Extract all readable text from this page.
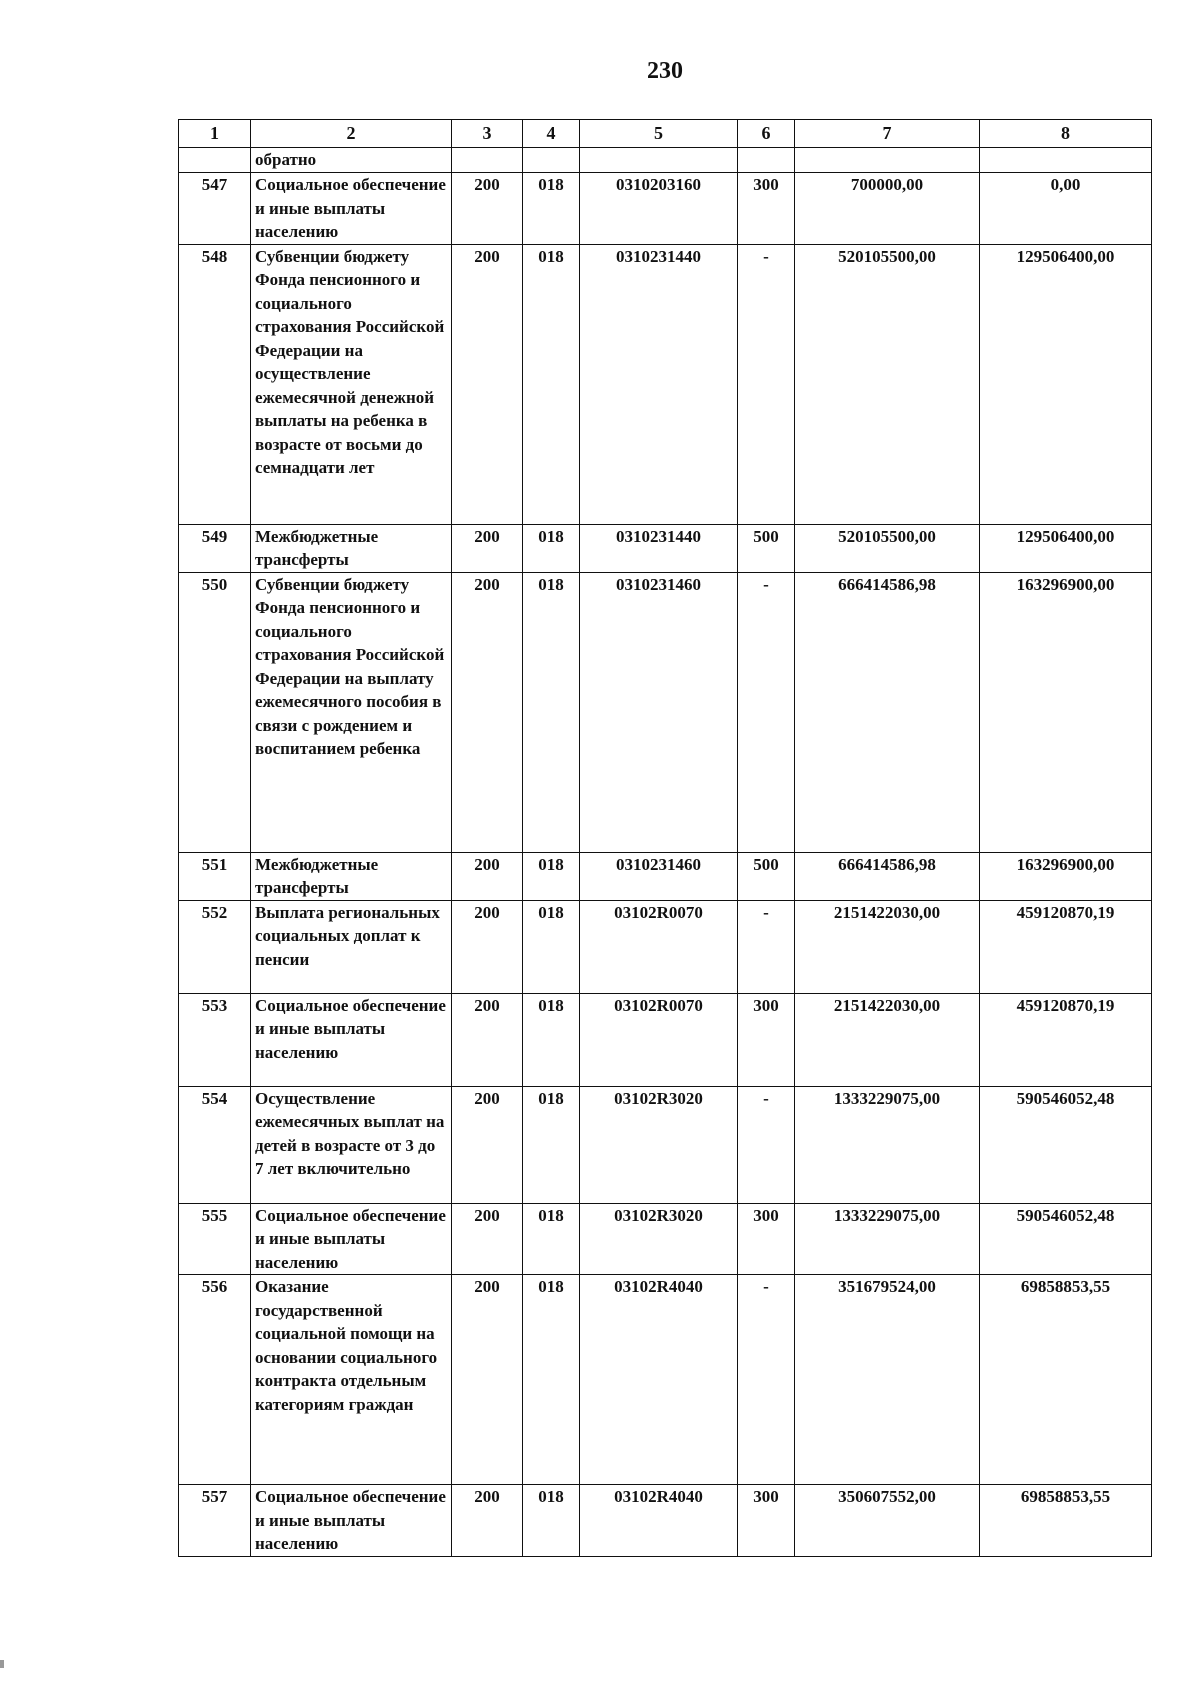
230
1	2	3	4	5	6	7	8
	обратно						
547	Социальное обеспечение и иные выплаты населению	200	018	0310203160	300	700000,00	0,00
548	Субвенции бюджету Фонда пенсионного и социального страхования Российской Федерации на осуществление ежемесячной денежной выплаты на ребенка в возрасте от восьми до семнадцати лет	200	018	0310231440	-	520105500,00	129506400,00
549	Межбюджетные трансферты	200	018	0310231440	500	520105500,00	129506400,00
550	Субвенции бюджету Фонда пенсионного и социального страхования Российской Федерации на выплату ежемесячного пособия в связи с рождением и воспитанием ребенка	200	018	0310231460	-	666414586,98	163296900,00
551	Межбюджетные трансферты	200	018	0310231460	500	666414586,98	163296900,00
552	Выплата региональных социальных доплат к пенсии	200	018	03102R0070	-	2151422030,00	459120870,19
553	Социальное обеспечение и иные выплаты населению	200	018	03102R0070	300	2151422030,00	459120870,19
554	Осуществление ежемесячных выплат на детей в возрасте от 3 до 7 лет включительно	200	018	03102R3020	-	1333229075,00	590546052,48
555	Социальное обеспечение и иные выплаты населению	200	018	03102R3020	300	1333229075,00	590546052,48
556	Оказание государственной социальной помощи на основании социального контракта отдельным категориям граждан	200	018	03102R4040	-	351679524,00	69858853,55
557	Социальное обеспечение и иные выплаты населению	200	018	03102R4040	300	350607552,00	69858853,55
